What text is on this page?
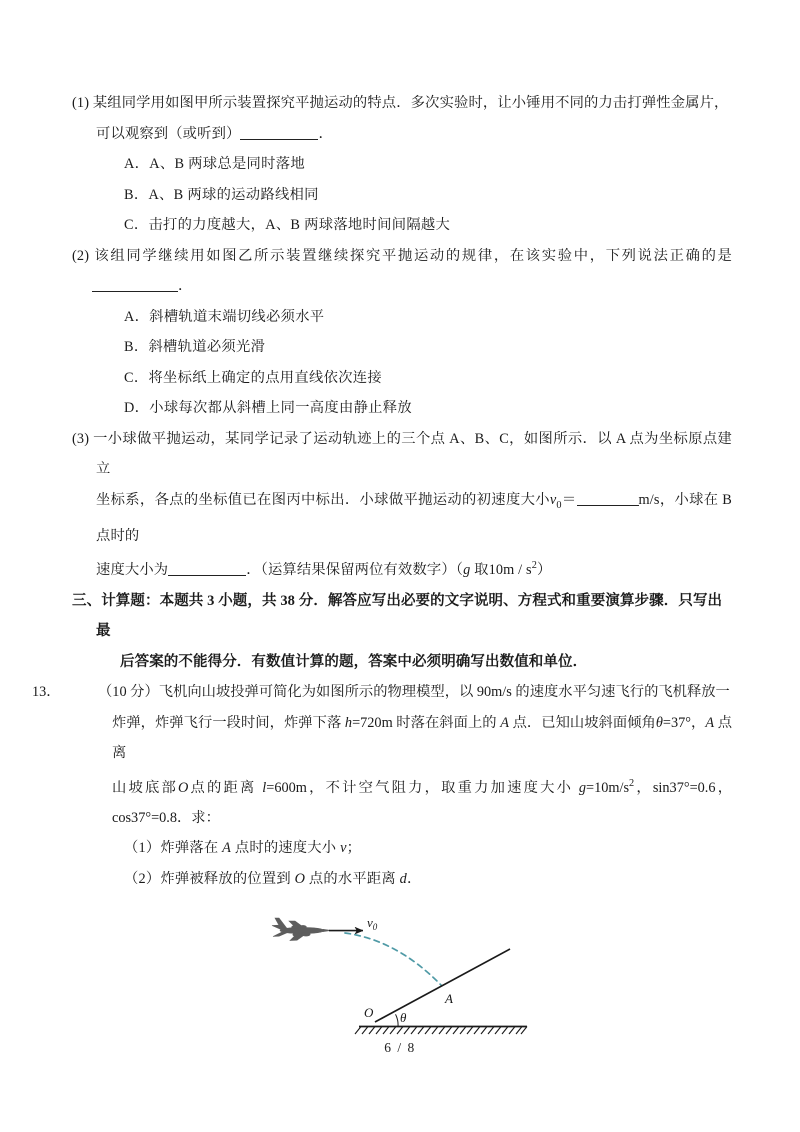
(1) 某组同学用如图甲所示装置探究平抛运动的特点．多次实验时，让小锤用不同的力击打弹性金属片，

可以观察到（或听到）	．

A．A、B 两球总是同时落地

B．A、B 两球的运动路线相同

C．击打的力度越大，A、B 两球落地时间间隔越大

(2) 该组同学继续用如图乙所示装置继续探究平抛运动的规律，在该实验中，下列说法正确的是．

A．斜槽轨道末端切线必须水平

B．斜槽轨道必须光滑

C．将坐标纸上确定的点用直线依次连接

D．小球每次都从斜槽上同一高度由静止释放

(3) 一小球做平抛运动，某同学记录了运动轨迹上的三个点 A、B、C，如图所示．以 A 点为坐标原点建立

坐标系，各点的坐标值已在图丙中标出．小球做平抛运动的初速度大小$v_0=$	m/s，小球在 B 点时的

速度大小为	．（运算结果保留两位有效数字）（g 取$10m / s^2$）

三、计算题：本题共 3 小题，共 38 分．解答应写出必要的文字说明、方程式和重要演算步骤．只写出最
后答案的不能得分．有数值计算的题，答案中必须明确写出数值和单位．

13．	（10 分）飞机向山坡投弹可简化为如图所示的物理模型，以 90m/s 的速度水平匀速飞行的飞机释放一

炸弹，炸弹飞行一段时间，炸弹下落 h=720m 时落在斜面上的 A 点．已知山坡斜面倾角θ=37°，A 点离

山坡底部O点的距离 l=600m，不计空气阻力，取重力加速度大小 $g=10m/s^2$，sin37°=0.6，cos37°=0.8．求：

（1）炸弹落在 A 点时的速度大小 v；

（2）炸弹被释放的位置到 O 点的水平距离 d．

$v_0$
A
O θ
6 / 8
